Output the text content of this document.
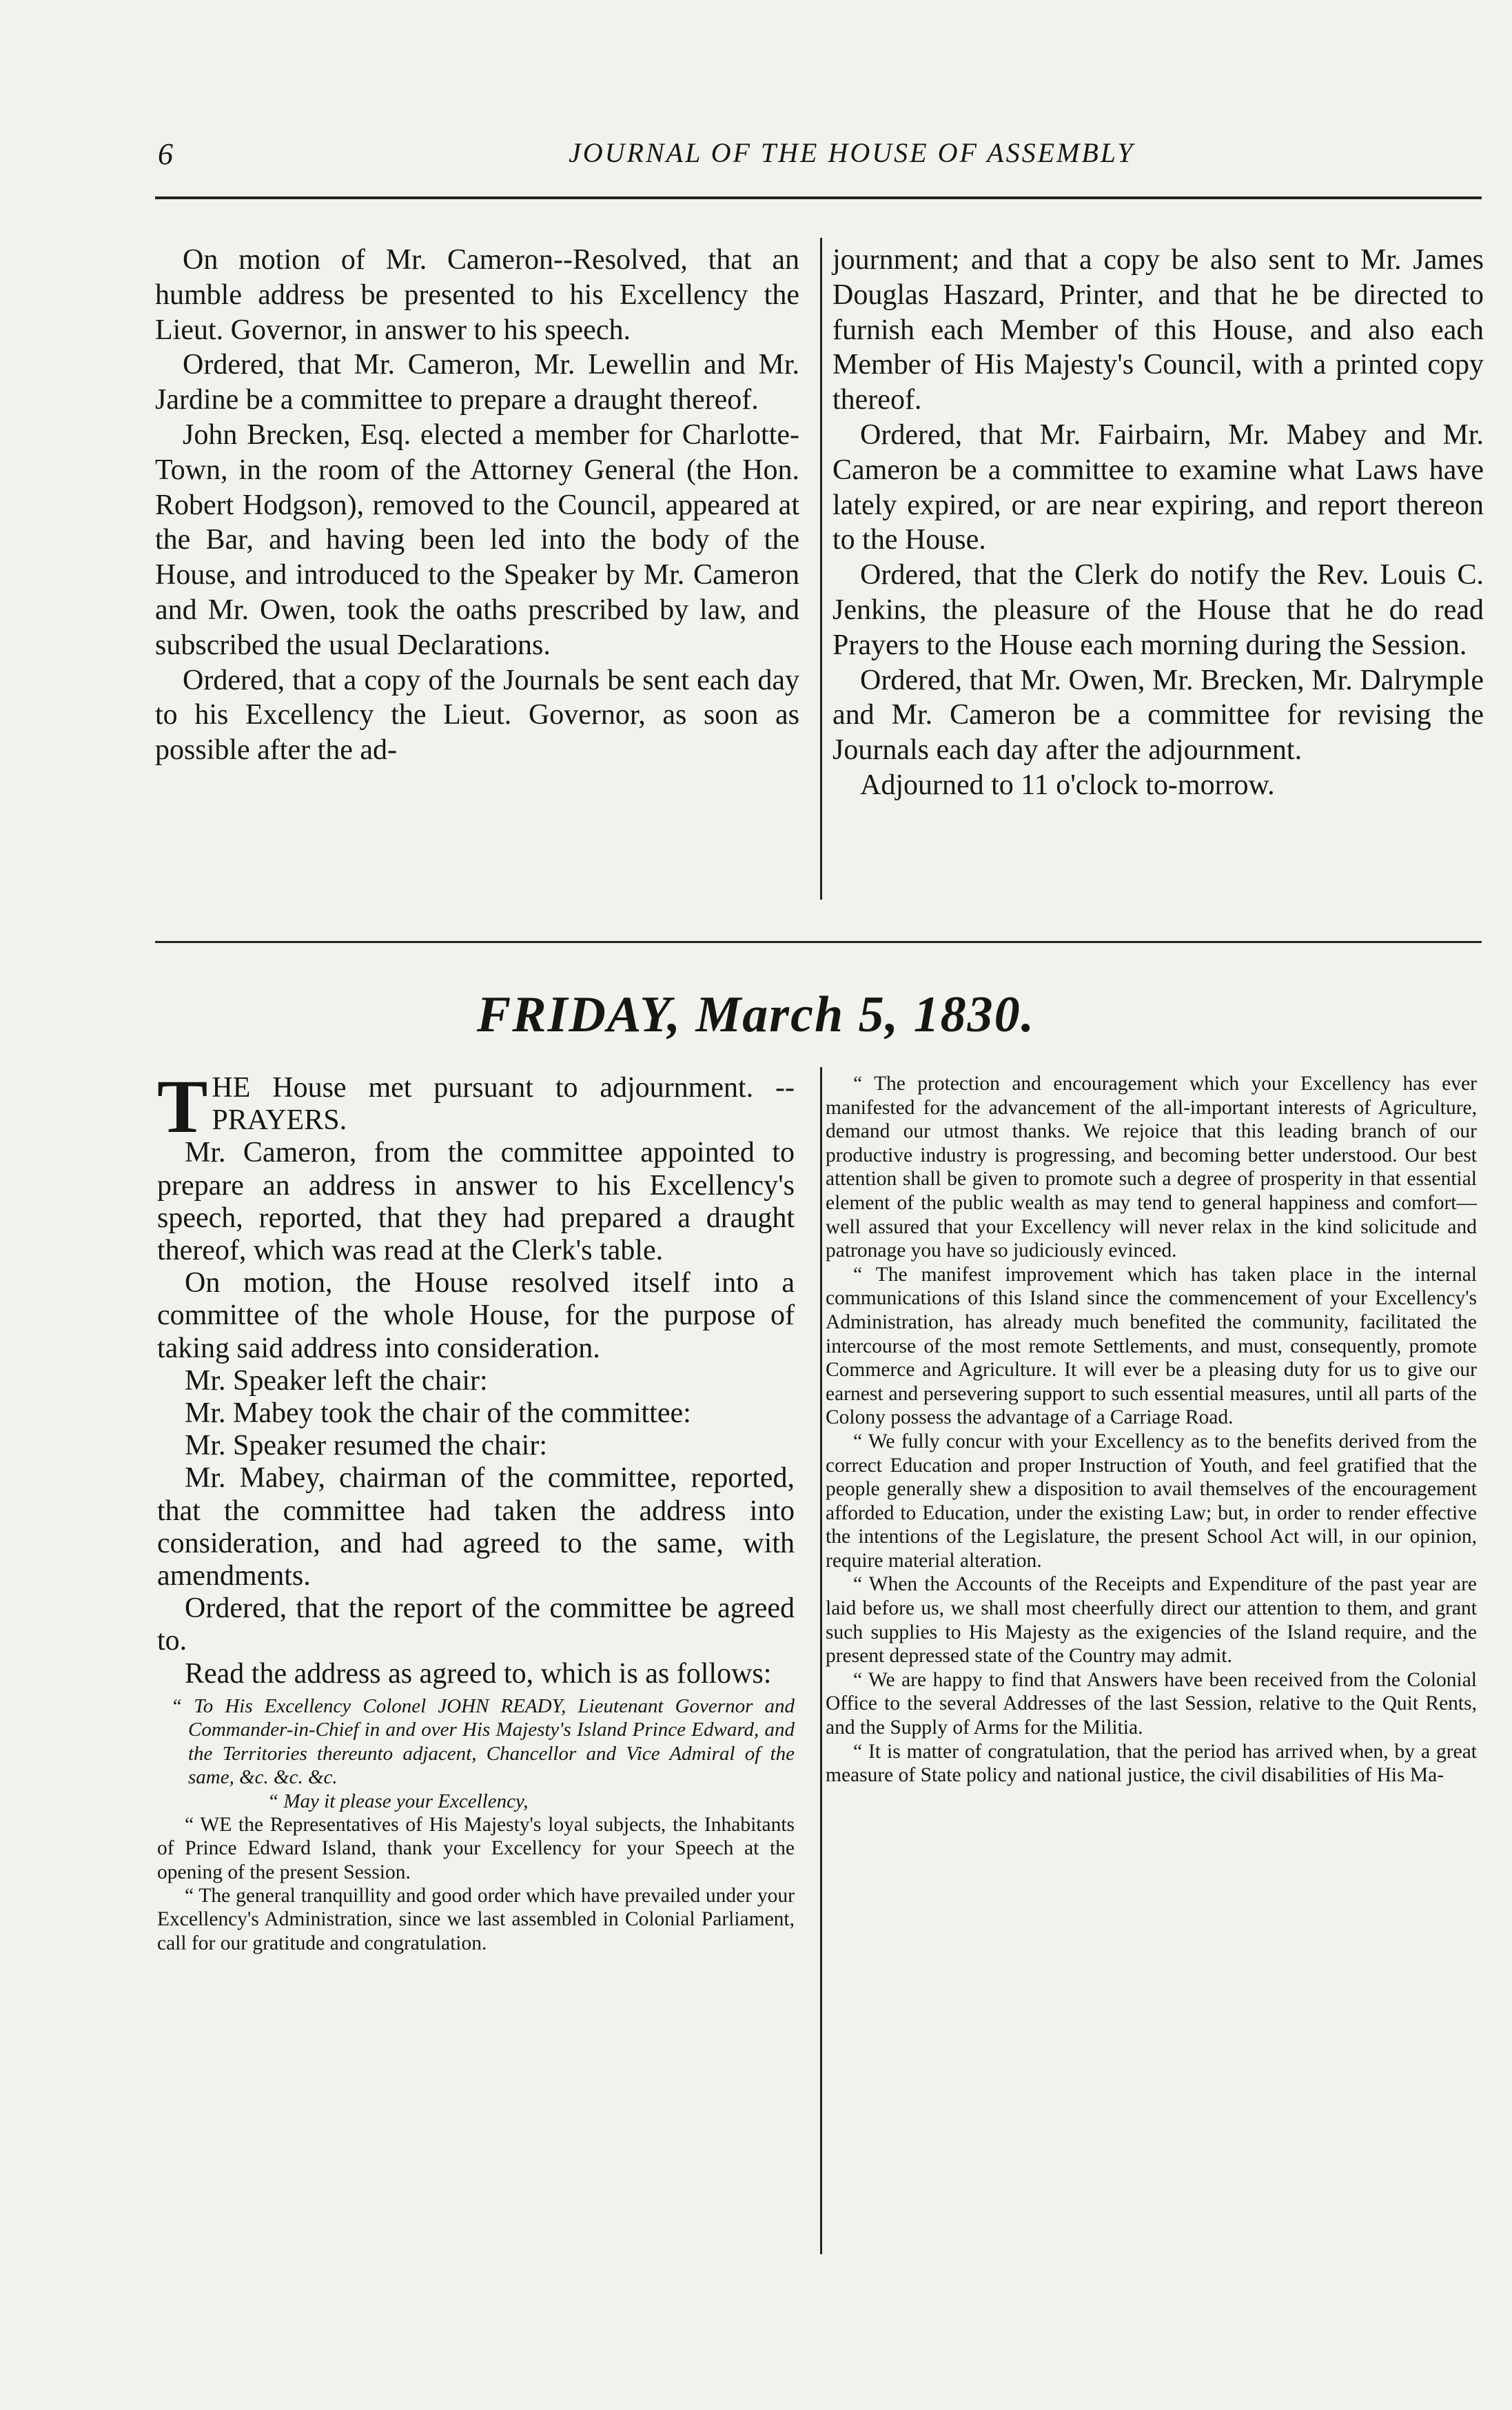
6	JOURNAL OF THE HOUSE OF ASSEMBLY

On motion of Mr. Cameron--Resolved, that an humble address be presented to his Excellency the Lieut. Governor, in answer to his speech.

Ordered, that Mr. Cameron, Mr. Lewellin and Mr. Jardine be a committee to prepare a draught thereof.

John Brecken, Esq. elected a member for Charlotte-Town, in the room of the Attorney General (the Hon. Robert Hodgson), removed to the Council, appeared at the Bar, and having been led into the body of the House, and introduced to the Speaker by Mr. Cameron and Mr. Owen, took the oaths prescribed by law, and subscribed the usual Declarations.

Ordered, that a copy of the Journals be sent each day to his Excellency the Lieut. Governor, as soon as possible after the ad-

journment; and that a copy be also sent to Mr. James Douglas Haszard, Printer, and that he be directed to furnish each Member of this House, and also each Member of His Majesty's Council, with a printed copy thereof.

Ordered, that Mr. Fairbairn, Mr. Mabey and Mr. Cameron be a committee to examine what Laws have lately expired, or are near expiring, and report thereon to the House.

Ordered, that the Clerk do notify the Rev. Louis C. Jenkins, the pleasure of the House that he do read Prayers to the House each morning during the Session.

Ordered, that Mr. Owen, Mr. Brecken, Mr. Dalrymple and Mr. Cameron be a committee for revising the Journals each day after the adjournment.

Adjourned to 11 o'clock to-morrow.

FRIDAY, March 5, 1830.

T HE House met pursuant to adjournment. --PRAYERS.

Mr. Cameron, from the committee appointed to prepare an address in answer to his Excellency's speech, reported, that they had prepared a draught thereof, which was read at the Clerk's table.

On motion, the House resolved itself into a committee of the whole House, for the purpose of taking said address into consideration.

Mr. Speaker left the chair:

Mr. Mabey took the chair of the committee:

Mr. Speaker resumed the chair:

Mr. Mabey, chairman of the committee, reported, that the committee had taken the address into consideration, and had agreed to the same, with amendments.

Ordered, that the report of the committee be agreed to.

Read the address as agreed to, which is as follows:

“ To His Excellency Colonel JOHN READY, Lieutenant Governor and Commander-in-Chief in and over His Majesty's Island Prince Edward, and the Territories thereunto adjacent, Chancellor and Vice Admiral of the same, &c. &c. &c.

“ May it please your Excellency,

“ WE the Representatives of His Majesty's loyal subjects, the Inhabitants of Prince Edward Island, thank your Excellency for your Speech at the opening of the present Session.

“ The general tranquillity and good order which have prevailed under your Excellency's Administration, since we last assembled in Colonial Parliament, call for our gratitude and congratulation.

“ The protection and encouragement which your Excellency has ever manifested for the advancement of the all-important interests of Agriculture, demand our utmost thanks. We rejoice that this leading branch of our productive industry is progressing, and becoming better understood. Our best attention shall be given to promote such a degree of prosperity in that essential element of the public wealth as may tend to general happiness and comfort—well assured that your Excellency will never relax in the kind solicitude and patronage you have so judiciously evinced.

“ The manifest improvement which has taken place in the internal communications of this Island since the commencement of your Excellency's Administration, has already much benefited the community, facilitated the intercourse of the most remote Settlements, and must, consequently, promote Commerce and Agriculture. It will ever be a pleasing duty for us to give our earnest and persevering support to such essential measures, until all parts of the Colony possess the advantage of a Carriage Road.

“ We fully concur with your Excellency as to the benefits derived from the correct Education and proper Instruction of Youth, and feel gratified that the people generally shew a disposition to avail themselves of the encouragement afforded to Education, under the existing Law; but, in order to render effective the intentions of the Legislature, the present School Act will, in our opinion, require material alteration.

“ When the Accounts of the Receipts and Expenditure of the past year are laid before us, we shall most cheerfully direct our attention to them, and grant such supplies to His Majesty as the exigencies of the Island require, and the present depressed state of the Country may admit.

“ We are happy to find that Answers have been received from the Colonial Office to the several Addresses of the last Session, relative to the Quit Rents, and the Supply of Arms for the Militia.

“ It is matter of congratulation, that the period has arrived when, by a great measure of State policy and national justice, the civil disabilities of His Ma-
